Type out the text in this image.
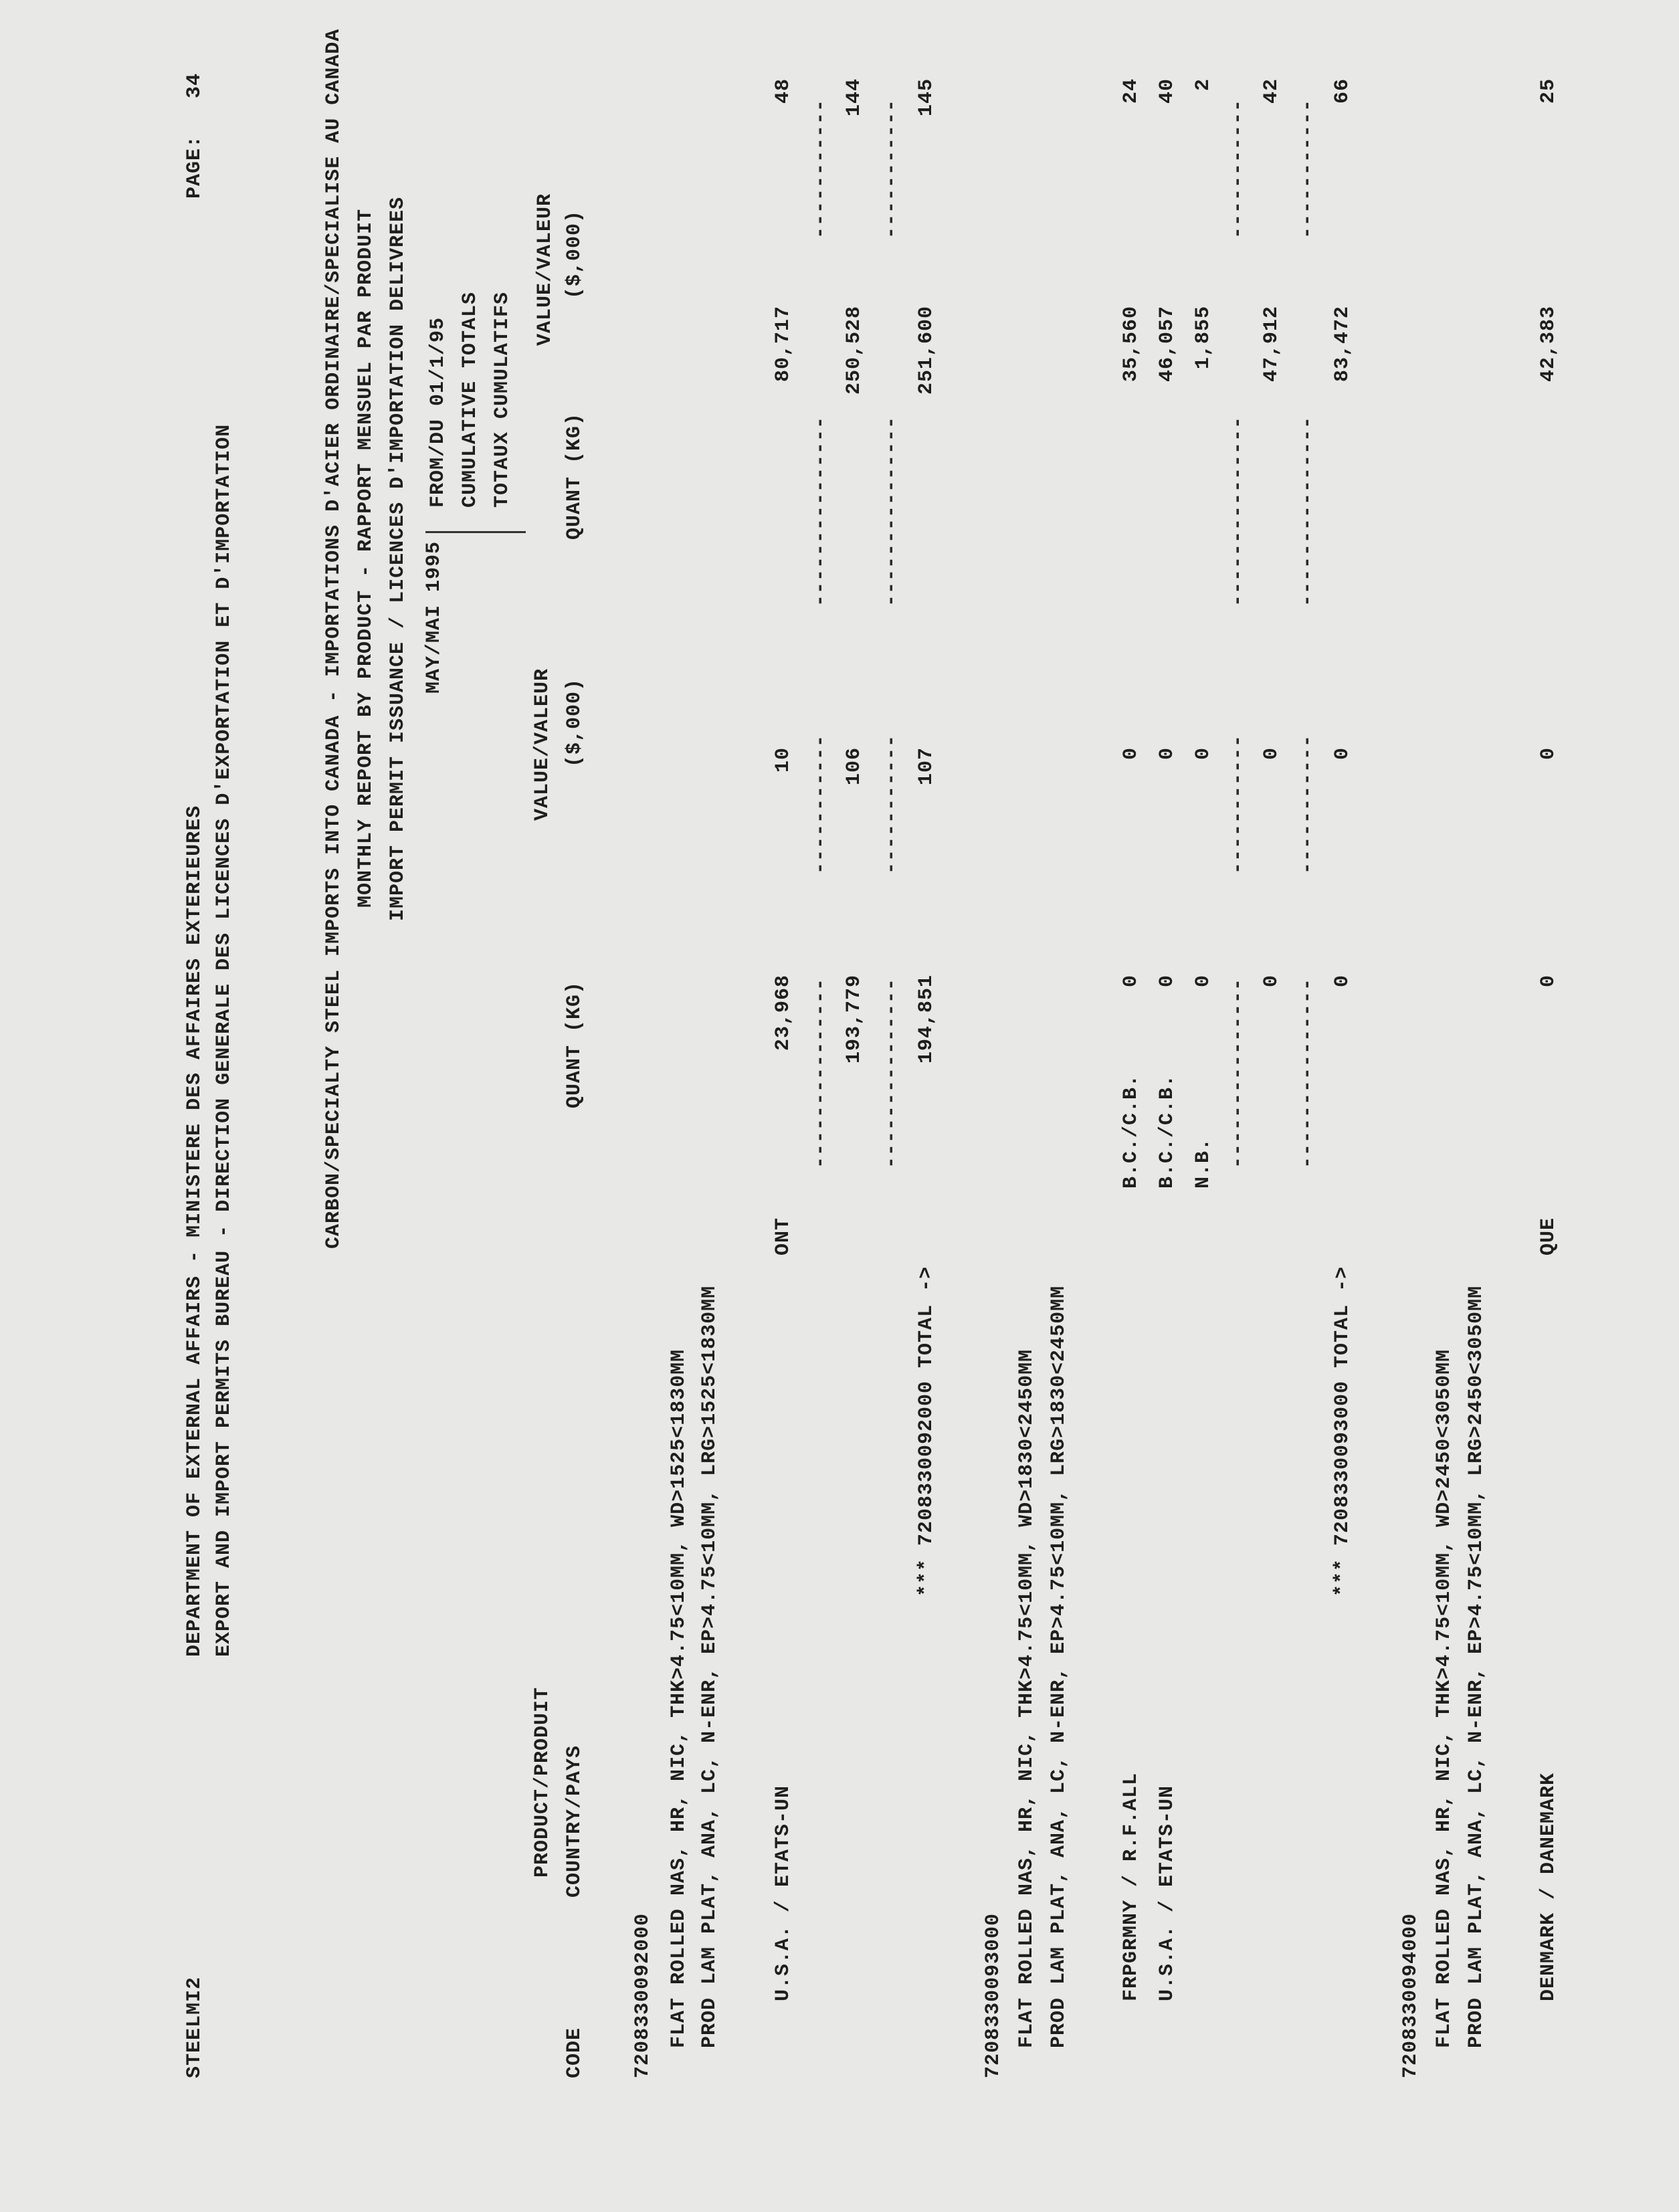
STEELMI2
DEPARTMENT OF EXTERNAL AFFAIRS - MINISTERE DES AFFAIRES EXTERIEURES EXPORT AND IMPORT PERMITS BUREAU - DIRECTION GENERALE DES LICENCES D'EXPORTATION ET D'IMPORTATION
PAGE:
34	CARBON/SPECIALTY STEEL IMPORTS INTO CANADA - IMPORTATIONS D'ACIER ORDINAIRE/SPECIALISE AU CANADA MONTHLY REPORT BY PRODUCT - RAPPORT MENSUEL PAR PRODUIT IMPORT PERMIT ISSUANCE / LICENCES D'IMPORTATION DELIVREES MAY/MAI 1995
FROM/DU 01/1/95 CUMULATIVE TOTALS TOTAUX CUMULATIFS
CODE
QUANT (KG)
($,000)
VALUE/VALEUR
PRODUCT/PRODUIT COUNTRY/PAYS
QUANT (KG)
VALUE/VALEUR ($,000)
7208330092000 FLAT ROLLED NAS, HR, NIC, THK>4.75<10MM, WD>1525<1830MM PROD LAM PLAT, ANA, LC, N-ENR, EP>4.75<10MM, LRG>1525<1830MM	U.S.A. / ETATS-UN
ONT
23,968
10
80,717
48
---------------
-----------
---------------
-----------
193,779
106
250,528
144
---------------
-----------
---------------
-----------
*** 7208330092000 TOTAL ->
194,851
107
251,600
145
7208330093000 FLAT ROLLED NAS, HR, NIC, THK>4.75<10MM, WD>1830<2450MM PROD LAM PLAT, ANA, LC, N-ENR, EP>4.75<10MM, LRG>1830<2450MM FRPGRMNY / R.F.ALL
B.C./C.B.
0
0
35,560
24
U.S.A. / ETATS-UN
B.C./C.B.
0
0
46,057
40
N.B.
0
0
1,855
2
---------------
-----------
---------------
-----------
0
0
47,912
42
---------------
-----------
---------------
-----------
*** 7208330093000 TOTAL ->
0
0
83,472
66
7208330094000 FLAT ROLLED NAS, HR, NIC, THK>4.75<10MM, WD>2450<3050MM PROD LAM PLAT, ANA, LC, N-ENR, EP>4.75<10MM, LRG>2450<3050MM DENMARK / DANEMARK
QUE
0
0
42,383
25
